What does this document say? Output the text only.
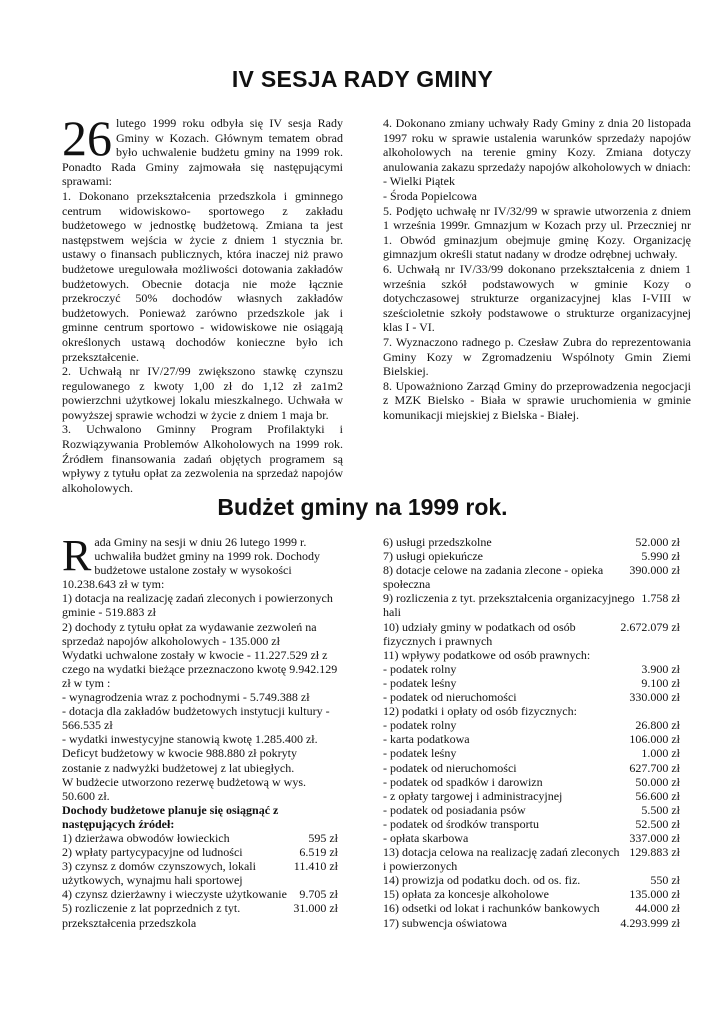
IV SESJA RADY GMINY

26 lutego 1999 roku odbyła się IV sesja Rady Gminy w Kozach. Głównym tematem obrad było uchwalenie budżetu gminy na 1999 rok. Ponadto Rada Gminy zajmowała się następującymi sprawami:

1. Dokonano przekształcenia przedszkola i gminnego centrum widowiskowo- sportowego z zakładu budżetowego w jednostkę budżetową. Zmiana ta jest następstwem wejścia w życie z dniem 1 stycznia br. ustawy o finansach publicznych, która inaczej niż prawo budżetowe uregulowała możliwości dotowania zakładów budżetowych. Obecnie dotacja nie może łącznie przekroczyć 50% dochodów własnych zakładów budżetowych. Ponieważ zarówno przedszkole jak i gminne centrum sportowo - widowiskowe nie osiągają określonych ustawą dochodów konieczne było ich przekształcenie.

2. Uchwałą nr IV/27/99 zwiększono stawkę czynszu regulowanego z kwoty 1,00 zł do 1,12 zł za1m2 powierzchni użytkowej lokalu mieszkalnego. Uchwała w powyższej sprawie wchodzi w życie z dniem 1 maja br.

3. Uchwalono Gminny Program Profilaktyki i Rozwiązywania Problemów Alkoholowych na 1999 rok. Źródłem finansowania zadań objętych programem są wpływy z tytułu opłat za zezwolenia na sprzedaż napojów alkoholowych.

4. Dokonano zmiany uchwały Rady Gminy z dnia 20 listopada 1997 roku w sprawie ustalenia warunków sprzedaży napojów alkoholowych na terenie gminy Kozy. Zmiana dotyczy anulowania zakazu sprzedaży napojów alkoholowych w dniach:

- Wielki Piątek

- Środa Popielcowa

5. Podjęto uchwałę nr IV/32/99 w sprawie utworzenia z dniem 1 września 1999r. Gmnazjum w Kozach przy ul. Przeczniej nr 1. Obwód gminazjum obejmuje gminę Kozy. Organizację gimnazjum określi statut nadany w drodze odrębnej uchwały.

6. Uchwałą nr IV/33/99 dokonano przekształcenia z dniem 1 września szkół podstawowych w gminie Kozy o dotychczasowej strukturze organizacyjnej klas I-VIII w sześcioletnie szkoły podstawowe o strukturze organizacyjnej klas I - VI.

7. Wyznaczono radnego p. Czesław Zubra do reprezentowania Gminy Kozy w Zgromadzeniu Wspólnoty Gmin Ziemi Bielskiej.

8. Upoważniono Zarząd Gminy do przeprowadzenia negocjacji z MZK Bielsko - Biała w sprawie uruchomienia w gminie komunikacji miejskiej z Bielska - Białej.

Budżet gminy na 1999 rok.

Rada Gminy na sesji w dniu 26 lutego 1999 r. uchwaliła budżet gminy na 1999 rok. Dochody budżetowe ustalone zostały w wysokości 10.238.643 zł w tym:

1) dotacja na realizację zadań zleconych i powierzonych gminie - 519.883 zł

2) dochody z tytułu opłat za wydawanie zezwoleń na sprzedaż napojów alkoholowych - 135.000 zł

Wydatki uchwalone zostały w kwocie - 11.227.529 zł z czego na wydatki bieżące przeznaczono kwotę 9.942.129 zł w tym :

- wynagrodzenia wraz z pochodnymi - 5.749.388 zł

- dotacja dla zakładów budżetowych instytucji kultury - 566.535 zł

- wydatki inwestycyjne stanowią kwotę 1.285.400 zł. Deficyt budżetowy w kwocie 988.880 zł pokryty zostanie z nadwyżki budżetowej z lat ubiegłych.

W budżecie utworzono rezerwę budżetową w wys. 50.600 zł.

Dochody budżetowe planuje się osiągnąć z następujących źródeł:

1) dzierżawa obwodów łowieckich	595 zł
2) wpłaty partycypacyjne od ludności	6.519 zł
3) czynsz z domów czynszowych, lokali użytkowych, wynajmu hali sportowej
11.410 zł
4) czynsz dzierżawny i wieczyste użytkowanie	9.705 zł
5) rozliczenie z lat poprzednich z tyt. przekształcenia przedszkola
31.000 zł
6) usługi przedszkolne	52.000 zł
7) usługi opiekuńcze	5.990 zł
8) dotacje celowe na zadania zlecone - opieka społeczna
390.000 zł
9) rozliczenia z tyt. przekształcenia organizacyjnego hali
1.758 zł
10) udziały gminy w podatkach od osób fizycznych i prawnych
2.672.079 zł
11) wpływy podatkowe od osób prawnych:
- podatek rolny	3.900 zł
- podatek leśny	9.100 zł
- podatek od nieruchomości	330.000 zł
12) podatki i opłaty od osób fizycznych:
- podatek rolny	26.800 zł
- karta podatkowa	106.000 zł
- podatek leśny	1.000 zł
- podatek od nieruchomości	627.700 zł
- podatek od spadków i darowizn	50.000 zł
- z opłaty targowej i administracyjnej	56.600 zł
- podatek od posiadania psów	5.500 zł
- podatek od środków transportu	52.500 zł
- opłata skarbowa	337.000 zł
13) dotacja celowa na realizację zadań zleconych i powierzonych
129.883 zł
14) prowizja od podatku doch. od os. fiz.	550 zł
15) opłata za koncesje alkoholowe	135.000 zł
16) odsetki od lokat i rachunków bankowych	44.000 zł
17) subwencja oświatowa	4.293.999 zł
